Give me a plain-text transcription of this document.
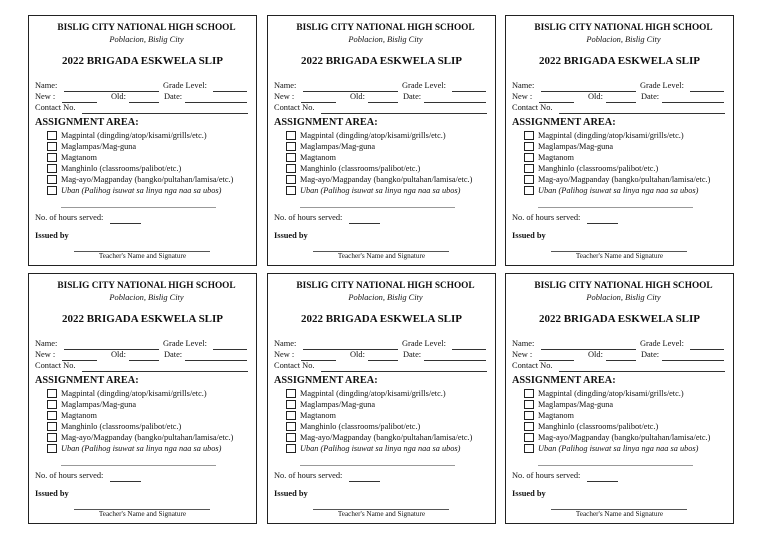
BISLIG CITY NATIONAL HIGH SCHOOL
Poblacion, Bislig City
2022 BRIGADA ESKWELA SLIP
Name:	Grade Level:
New :	Old:	Date:
Contact No.
ASSIGNMENT AREA:
Magpintal (dingding/atop/kisami/grills/etc.)
Maglampas/Mag-guna
Magtanom
Manghinlo (classrooms/palibot/etc.)
Mag-ayo/Magpanday (bangko/pultahan/lamisa/etc.)
Uban (Palihog isuwat sa linya nga naa sa ubos)
No. of hours served:
Issued by
Teacher's Name and Signature
BISLIG CITY NATIONAL HIGH SCHOOL
Poblacion, Bislig City
2022 BRIGADA ESKWELA SLIP
Name:	Grade Level:
New :	Old:	Date:
Contact No.
ASSIGNMENT AREA:
Magpintal (dingding/atop/kisami/grills/etc.)
Maglampas/Mag-guna
Magtanom
Manghinlo (classrooms/palibot/etc.)
Mag-ayo/Magpanday (bangko/pultahan/lamisa/etc.)
Uban (Palihog isuwat sa linya nga naa sa ubos)
No. of hours served:
Issued by
Teacher's Name and Signature
BISLIG CITY NATIONAL HIGH SCHOOL
Poblacion, Bislig City
2022 BRIGADA ESKWELA SLIP
Name:	Grade Level:
New :	Old:	Date:
Contact No.
ASSIGNMENT AREA:
Magpintal (dingding/atop/kisami/grills/etc.)
Maglampas/Mag-guna
Magtanom
Manghinlo (classrooms/palibot/etc.)
Mag-ayo/Magpanday (bangko/pultahan/lamisa/etc.)
Uban (Palihog isuwat sa linya nga naa sa ubos)
No. of hours served:
Issued by
Teacher's Name and Signature
BISLIG CITY NATIONAL HIGH SCHOOL
Poblacion, Bislig City
2022 BRIGADA ESKWELA SLIP
Name:	Grade Level:
New :	Old:	Date:
Contact No.
ASSIGNMENT AREA:
Magpintal (dingding/atop/kisami/grills/etc.)
Maglampas/Mag-guna
Magtanom
Manghinlo (classrooms/palibot/etc.)
Mag-ayo/Magpanday (bangko/pultahan/lamisa/etc.)
Uban (Palihog isuwat sa linya nga naa sa ubos)
No. of hours served:
Issued by
Teacher's Name and Signature
BISLIG CITY NATIONAL HIGH SCHOOL
Poblacion, Bislig City
2022 BRIGADA ESKWELA SLIP
Name:	Grade Level:
New :	Old:	Date:
Contact No.
ASSIGNMENT AREA:
Magpintal (dingding/atop/kisami/grills/etc.)
Maglampas/Mag-guna
Magtanom
Manghinlo (classrooms/palibot/etc.)
Mag-ayo/Magpanday (bangko/pultahan/lamisa/etc.)
Uban (Palihog isuwat sa linya nga naa sa ubos)
No. of hours served:
Issued by
Teacher's Name and Signature
BISLIG CITY NATIONAL HIGH SCHOOL
Poblacion, Bislig City
2022 BRIGADA ESKWELA SLIP
Name:	Grade Level:
New :	Old:	Date:
Contact No.
ASSIGNMENT AREA:
Magpintal (dingding/atop/kisami/grills/etc.)
Maglampas/Mag-guna
Magtanom
Manghinlo (classrooms/palibot/etc.)
Mag-ayo/Magpanday (bangko/pultahan/lamisa/etc.)
Uban (Palihog isuwat sa linya nga naa sa ubos)
No. of hours served:
Issued by
Teacher's Name and Signature
